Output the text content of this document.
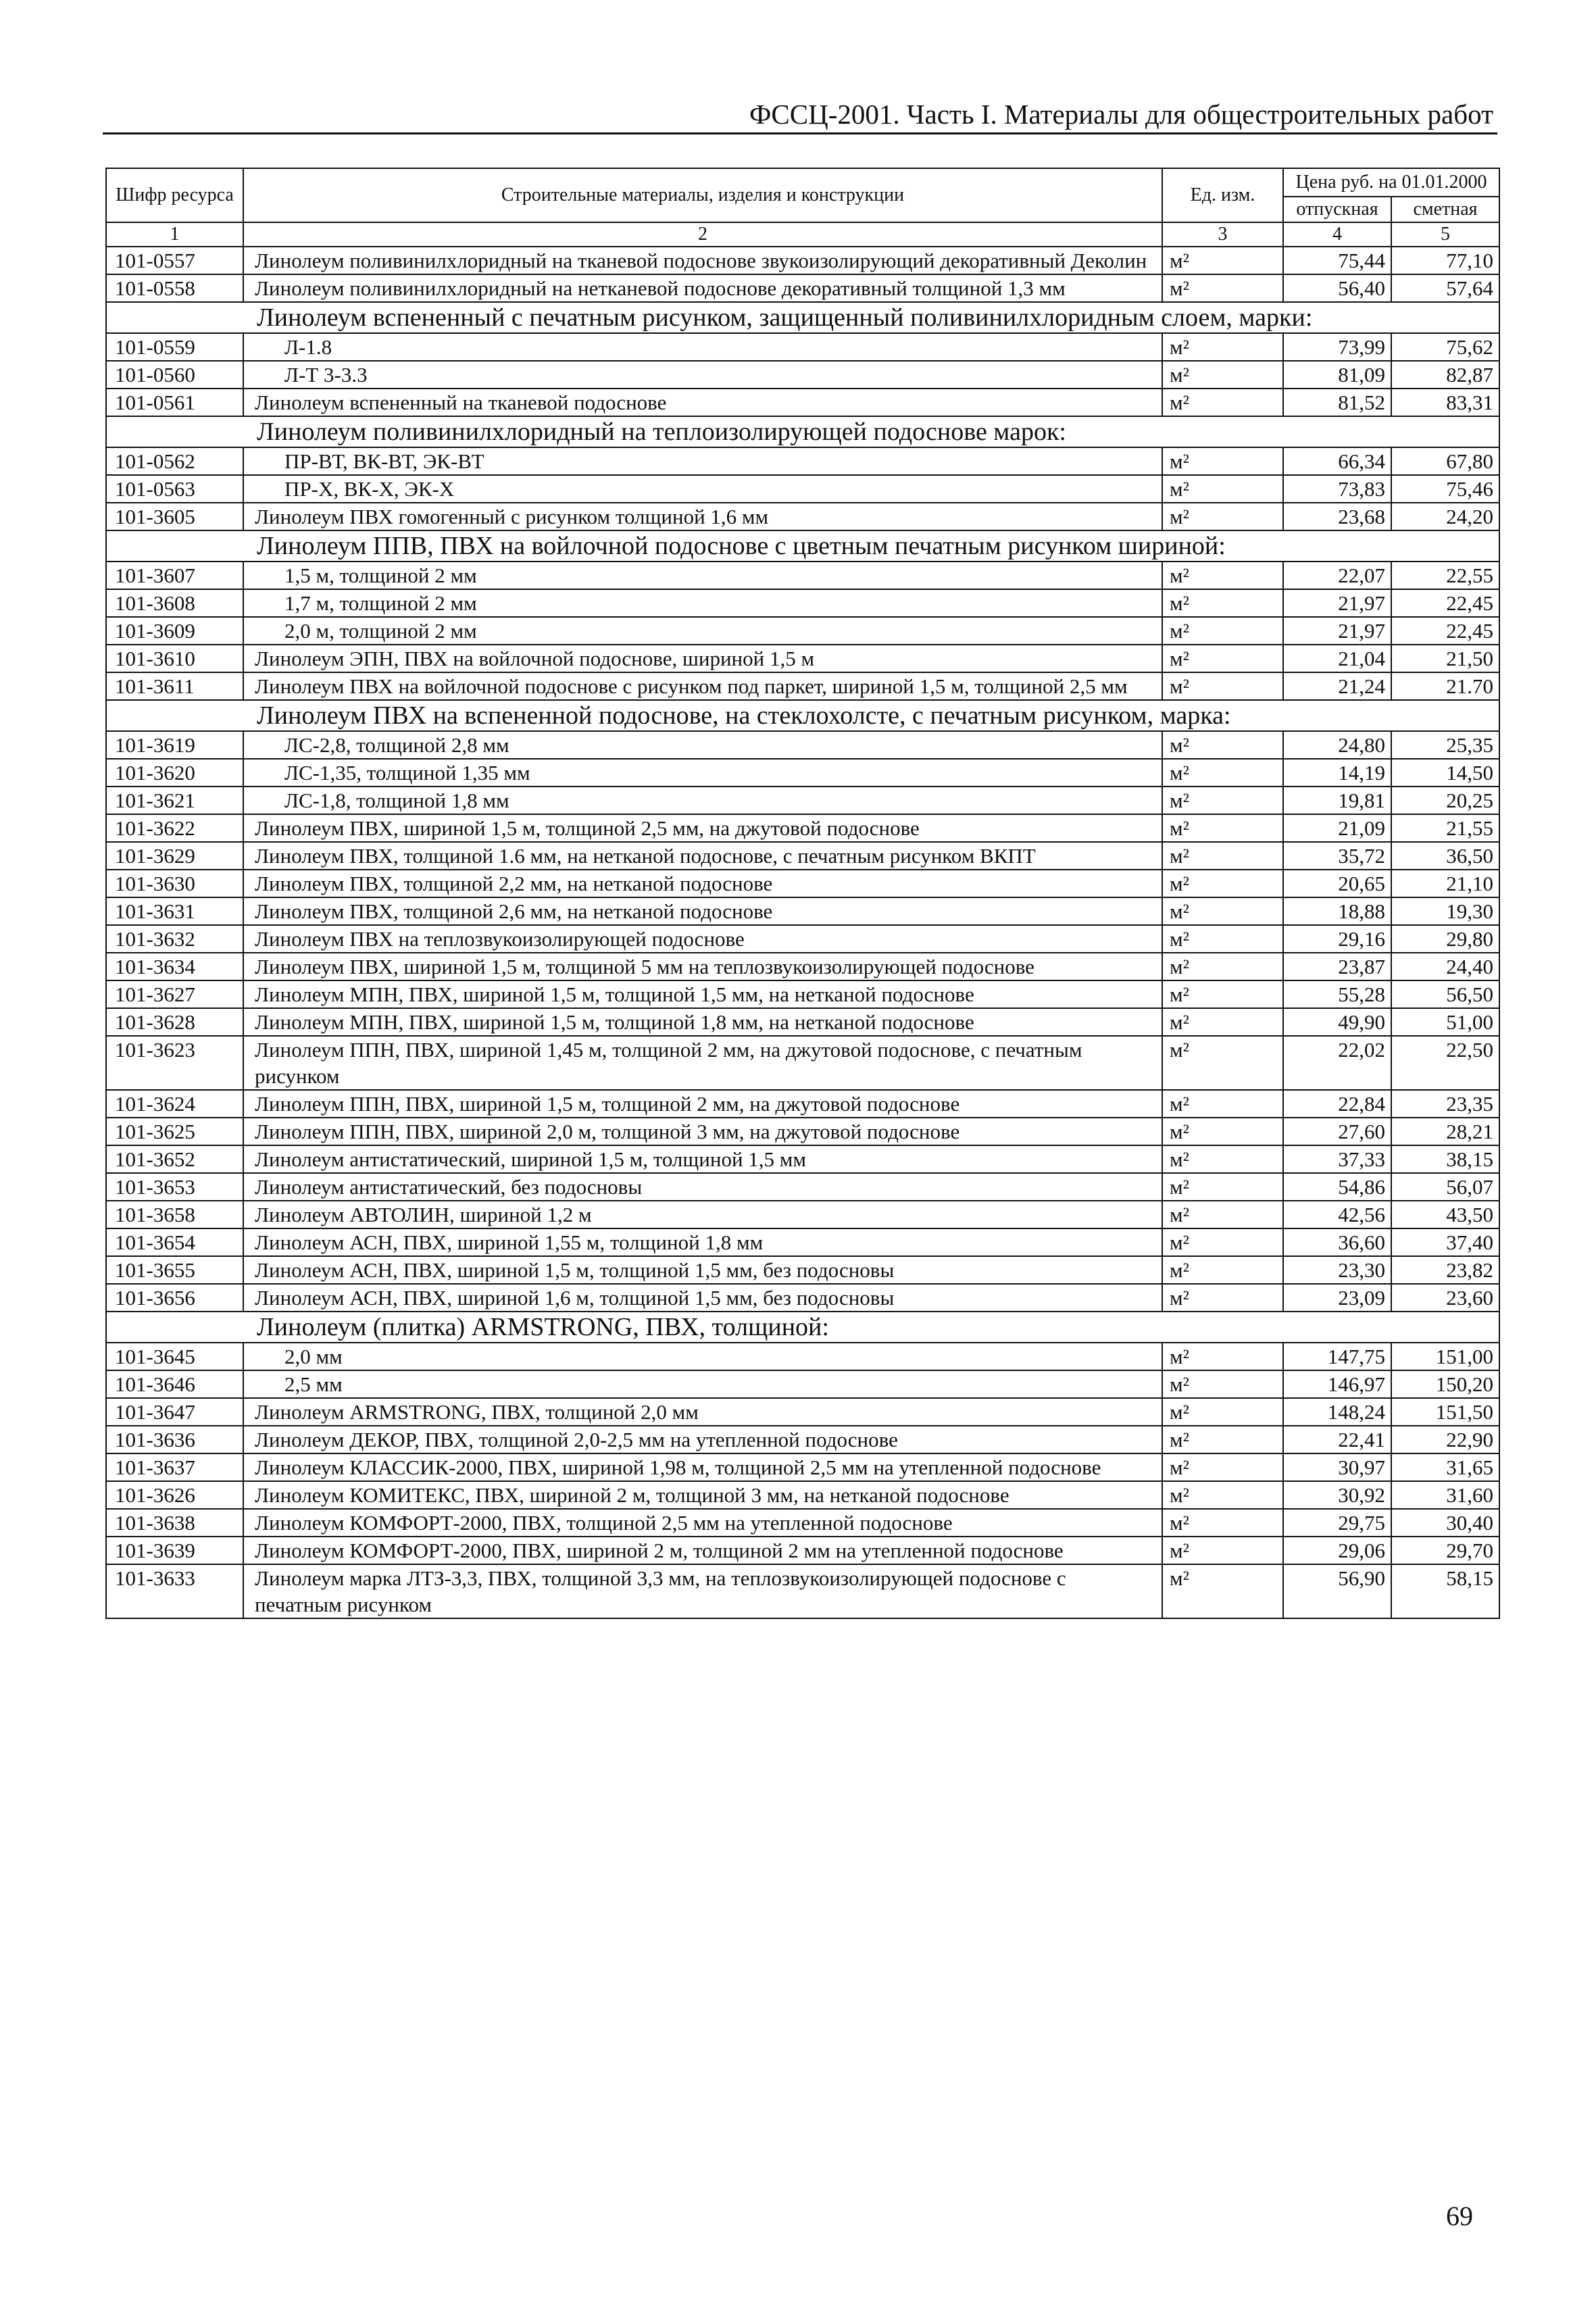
ФССЦ-2001. Часть I. Материалы для общестроительных работ
Шифр ресурса	Строительные материалы, изделия и конструкции	Ед. изм.	Цена руб. на 01.01.2000	
			отпускная	сметная
1	2	3	4	5
101-0557	Линолеум поливинилхлоридный на тканевой подоснове звукоизолирующий декоративный Деколин	м²	75,44	77,10
101-0558	Линолеум поливинилхлоридный на нетканевой подоснове декоративный толщиной 1,3 мм	м²	56,40	57,64
Линолеум вспененный с печатным рисунком, защищенный поливинилхлоридным слоем, марки:				
101-0559	Л-1.8	м²	73,99	75,62
101-0560	Л-Т 3-3.3	м²	81,09	82,87
101-0561	Линолеум вспененный на тканевой подоснове	м²	81,52	83,31
Линолеум поливинилхлоридный на теплоизолирующей подоснове марок:				
101-0562	ПР-ВТ, ВК-ВТ, ЭК-ВТ	м²	66,34	67,80
101-0563	ПР-Х, ВК-Х, ЭК-Х	м²	73,83	75,46
101-3605	Линолеум ПВХ гомогенный с рисунком толщиной 1,6 мм	м²	23,68	24,20
Линолеум ППВ, ПВХ на войлочной подоснове с цветным печатным рисунком шириной:				
101-3607	1,5 м, толщиной 2 мм	м²	22,07	22,55
101-3608	1,7 м, толщиной 2 мм	м²	21,97	22,45
101-3609	2,0 м, толщиной 2 мм	м²	21,97	22,45
101-3610	Линолеум ЭПН, ПВХ на войлочной подоснове, шириной 1,5 м	м²	21,04	21,50
101-3611	Линолеум ПВХ на войлочной подоснове с рисунком под паркет, шириной 1,5 м, толщиной 2,5 мм	м²	21,24	21.70
Линолеум ПВХ на вспененной подоснове, на стеклохолсте, с печатным рисунком, марка:				
101-3619	ЛС-2,8, толщиной 2,8 мм	м²	24,80	25,35
101-3620	ЛС-1,35, толщиной 1,35 мм	м²	14,19	14,50
101-3621	ЛС-1,8, толщиной 1,8 мм	м²	19,81	20,25
101-3622	Линолеум ПВХ, шириной 1,5 м, толщиной 2,5 мм, на джутовой подоснове	м²	21,09	21,55
101-3629	Линолеум ПВХ, толщиной 1.6 мм, на нетканой подоснове, с печатным рисунком ВКПТ	м²	35,72	36,50
101-3630	Линолеум ПВХ, толщиной 2,2 мм, на нетканой подоснове	м²	20,65	21,10
101-3631	Линолеум ПВХ, толщиной 2,6 мм, на нетканой подоснове	м²	18,88	19,30
101-3632	Линолеум ПВХ на теплозвукоизолирующей подоснове	м²	29,16	29,80
101-3634	Линолеум ПВХ, шириной 1,5 м, толщиной 5 мм на теплозвукоизолирующей подоснове	м²	23,87	24,40
101-3627	Линолеум МПН, ПВХ, шириной 1,5 м, толщиной 1,5 мм, на нетканой подоснове	м²	55,28	56,50
101-3628	Линолеум МПН, ПВХ, шириной 1,5 м, толщиной 1,8 мм, на нетканой подоснове	м²	49,90	51,00
101-3623	Линолеум ППН, ПВХ, шириной 1,45 м, толщиной 2 мм, на джутовой подоснове, с печатным рисунком	м²	22,02	22,50
101-3624	Линолеум ППН, ПВХ, шириной 1,5 м, толщиной 2 мм, на джутовой подоснове	м²	22,84	23,35
101-3625	Линолеум ППН, ПВХ, шириной 2,0 м, толщиной 3 мм, на джутовой подоснове	м²	27,60	28,21
101-3652	Линолеум антистатический, шириной 1,5 м, толщиной 1,5 мм	м²	37,33	38,15
101-3653	Линолеум антистатический, без подосновы	м²	54,86	56,07
101-3658	Линолеум АВТОЛИН, шириной 1,2 м	м²	42,56	43,50
101-3654	Линолеум АСН, ПВХ, шириной 1,55 м, толщиной 1,8 мм	м²	36,60	37,40
101-3655	Линолеум АСН, ПВХ, шириной 1,5 м, толщиной 1,5 мм, без подосновы	м²	23,30	23,82
101-3656	Линолеум АСН, ПВХ, шириной 1,6 м, толщиной 1,5 мм, без подосновы	м²	23,09	23,60
Линолеум (плитка) ARMSTRONG, ПВХ, толщиной:				
101-3645	2,0 мм	м²	147,75	151,00
101-3646	2,5 мм	м²	146,97	150,20
101-3647	Линолеум ARMSTRONG, ПВХ, толщиной 2,0 мм	м²	148,24	151,50
101-3636	Линолеум ДЕКОР, ПВХ, толщиной 2,0-2,5 мм на утепленной подоснове	м²	22,41	22,90
101-3637	Линолеум КЛАССИК-2000, ПВХ, шириной 1,98 м, толщиной 2,5 мм на утепленной подоснове	м²	30,97	31,65
101-3626	Линолеум КОМИТЕКС, ПВХ, шириной 2 м, толщиной 3 мм, на нетканой подоснове	м²	30,92	31,60
101-3638	Линолеум КОМФОРТ-2000, ПВХ, толщиной 2,5 мм на утепленной подоснове	м²	29,75	30,40
101-3639	Линолеум КОМФОРТ-2000, ПВХ, шириной 2 м, толщиной 2 мм на утепленной подоснове	м²	29,06	29,70
101-3633	Линолеум марка ЛТЗ-3,3, ПВХ, толщиной 3,3 мм, на теплозвукоизолирующей подоснове с печатным рисунком	м²	56,90	58,15
69
